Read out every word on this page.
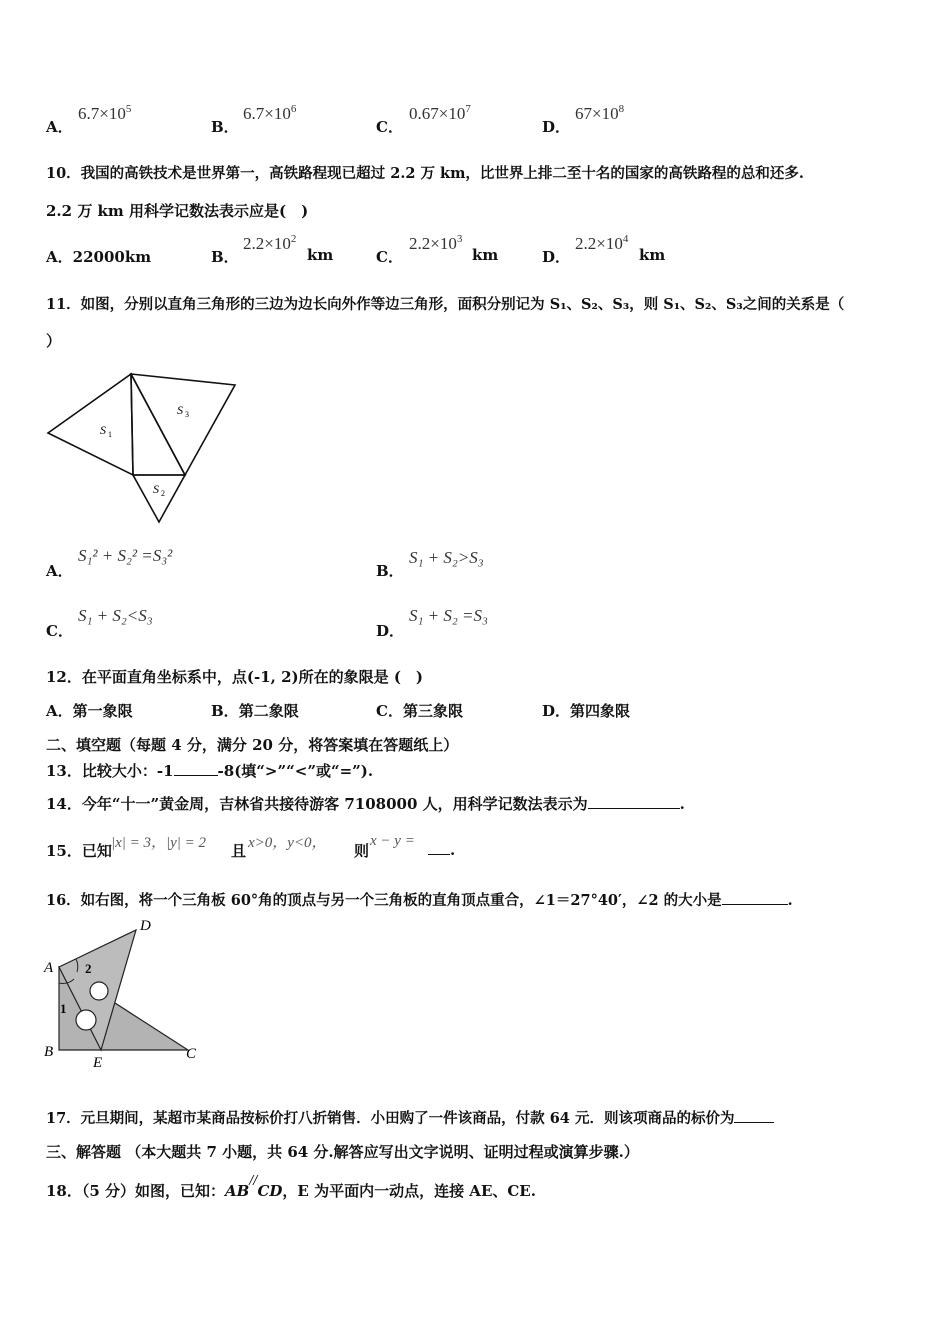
A．
$6.7\times 10^5$
B．
$6.7\times 10^6$
C．
$0.67\times 10^7$
D．
$67\times 10^8$
10．我国的高铁技术是世界第一，高铁路程现已超过 2.2 万 km，比世界上排二至十名的国家的高铁路程的总和还多.
2.2 万 km 用科学记数法表示应是(　)
A．22000km	B．
$2.2\times 10^2$
km	C．
$2.2\times 10^3$
km	D．
$2.2\times 10^4$
km
11．如图，分别以直角三角形的三边为边长向外作等边三角形，面积分别记为 S₁、S₂、S₃，则 S₁、S₂、S₃之间的关系是（
）
S 1
S 2
S 3
A．
S₁² + S₂² =S₃²
B．
S₁ + S₂>S₃
C．
S₁ + S₂<S₃
D．
S₁ + S₂ =S₃
12．在平面直角坐标系中，点(-1, 2)所在的象限是 (　)
A．第一象限	B．第二象限	C．第三象限	D．第四象限
二、填空题（每题 4 分，满分 20 分，将答案填在答题纸上）
13．比较大小：-1	-8(填“>”“<”或“=”).
14．今年“十一”黄金周，吉林省共接待游客 7108000 人，用科学记数法表示为	.
15．已知 |x| = 3，|y| = 2 且 x>0，y<0， 则
x − y =	.
16．如右图，将一个三角板 60°角的顶点与另一个三角板的直角顶点重合，∠1＝27°40′，∠2 的大小是	.
A
B	C
D
E
1
2
17．元旦期间，某超市某商品按标价打八折销售．小田购了一件该商品，付款 64 元．则该项商品的标价为
三、解答题 （本大题共 7 小题，共 64 分.解答应写出文字说明、证明过程或演算步骤.）
18．（5 分）如图，已知：AB//CD，E 为平面内一动点，连接 AE、CE.
